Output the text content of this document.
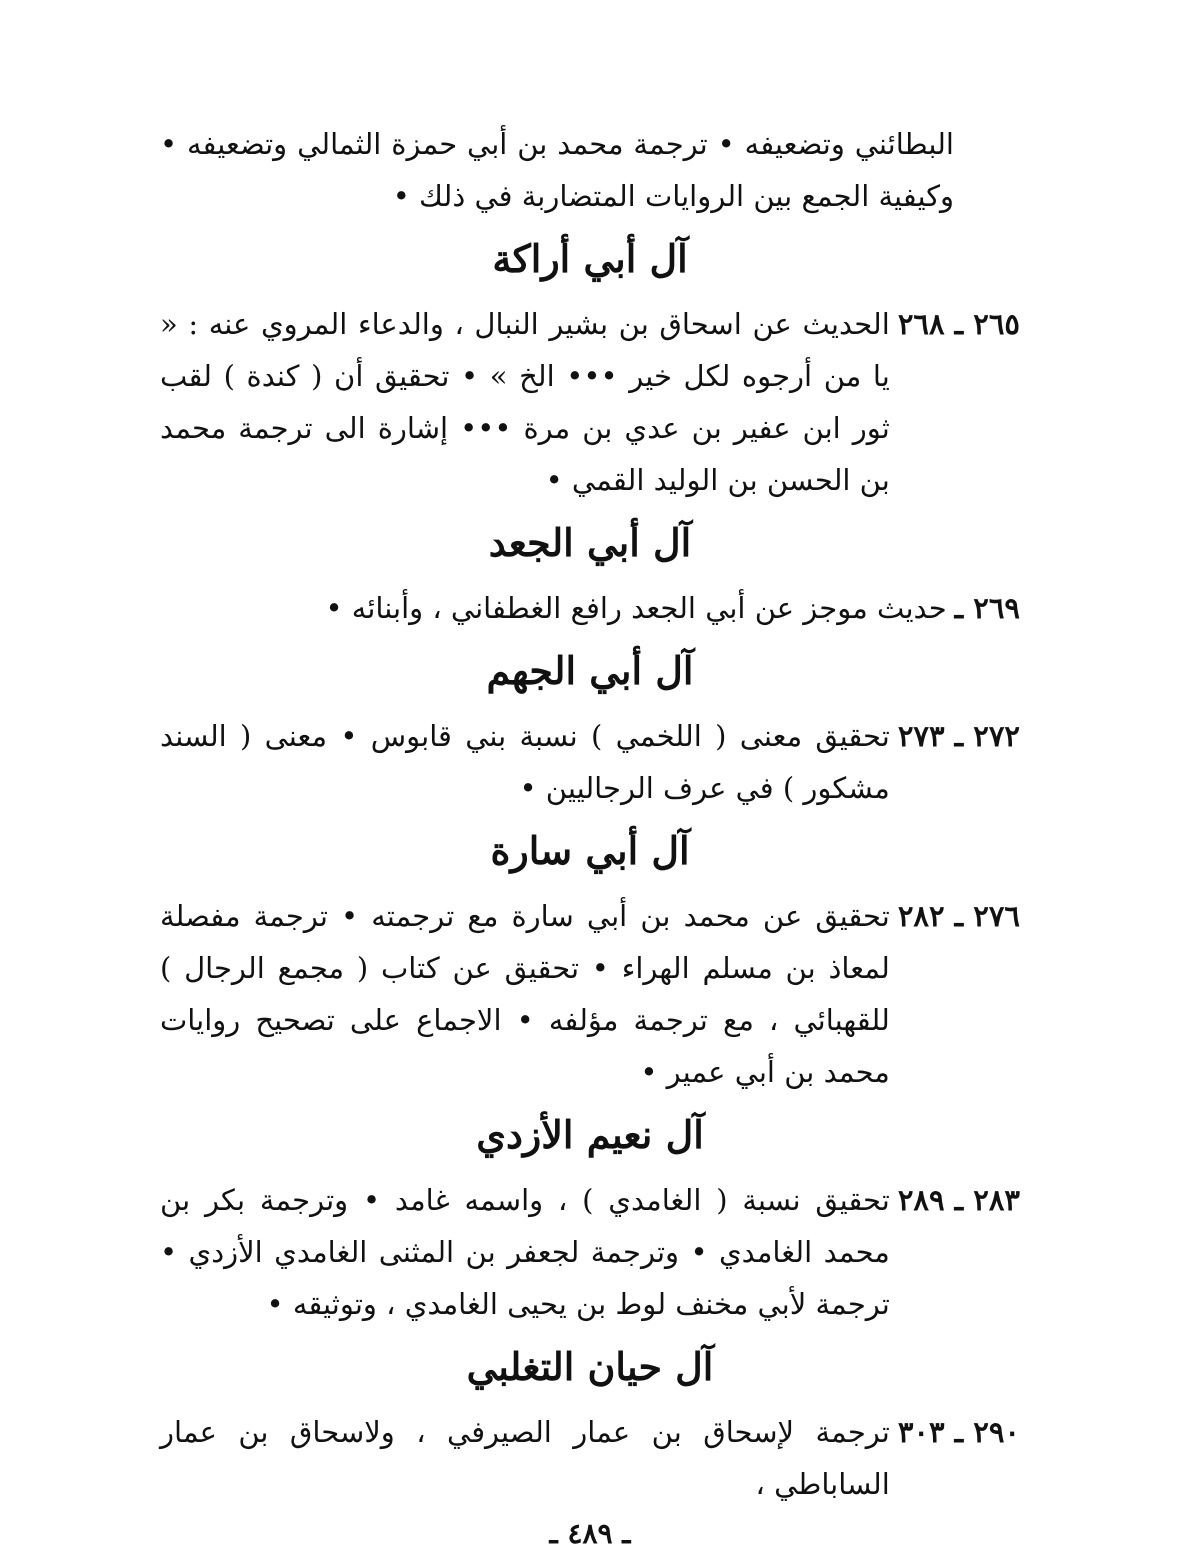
البطائني وتضعيفه • ترجمة محمد بن أبي حمزة الثمالي وتضعيفه • وكيفية الجمع بين الروايات المتضاربة في ذلك •

آل أبي أراكة
٢٦٥ ـ ٢٦٨
الحديث عن اسحاق بن بشير النبال ، والدعاء المروي عنه : « يا من أرجوه لكل خير ••• الخ » • تحقيق أن ( كندة ) لقب ثور ابن عفير بن عدي بن مرة ••• إشارة الى ترجمة محمد بن الحسن بن الوليد القمي •
آل أبي الجعد
٢٦٩ ـ
حديث موجز عن أبي الجعد رافع الغطفاني ، وأبنائه •
آل أبي الجهم
٢٧٢ ـ ٢٧٣
تحقيق معنى ( اللخمي ) نسبة بني قابوس • معنى ( السند مشكور ) في عرف الرجاليين •
آل أبي سارة
٢٧٦ ـ ٢٨٢
تحقيق عن محمد بن أبي سارة مع ترجمته • ترجمة مفصلة لمعاذ بن مسلم الهراء • تحقيق عن كتاب ( مجمع الرجال ) للقهبائي ، مع ترجمة مؤلفه • الاجماع على تصحيح روايات محمد بن أبي عمير •
آل نعيم الأزدي
٢٨٣ ـ ٢٨٩
تحقيق نسبة ( الغامدي ) ، واسمه غامد • وترجمة بكر بن محمد الغامدي • وترجمة لجعفر بن المثنى الغامدي الأزدي • ترجمة لأبي مخنف لوط بن يحيى الغامدي ، وتوثيقه •
آل حيان التغلبي
٢٩٠ ـ ٣٠٣
ترجمة لإسحاق بن عمار الصيرفي ، ولاسحاق بن عمار الساباطي ،
ـ ٤٨٩ ـ
